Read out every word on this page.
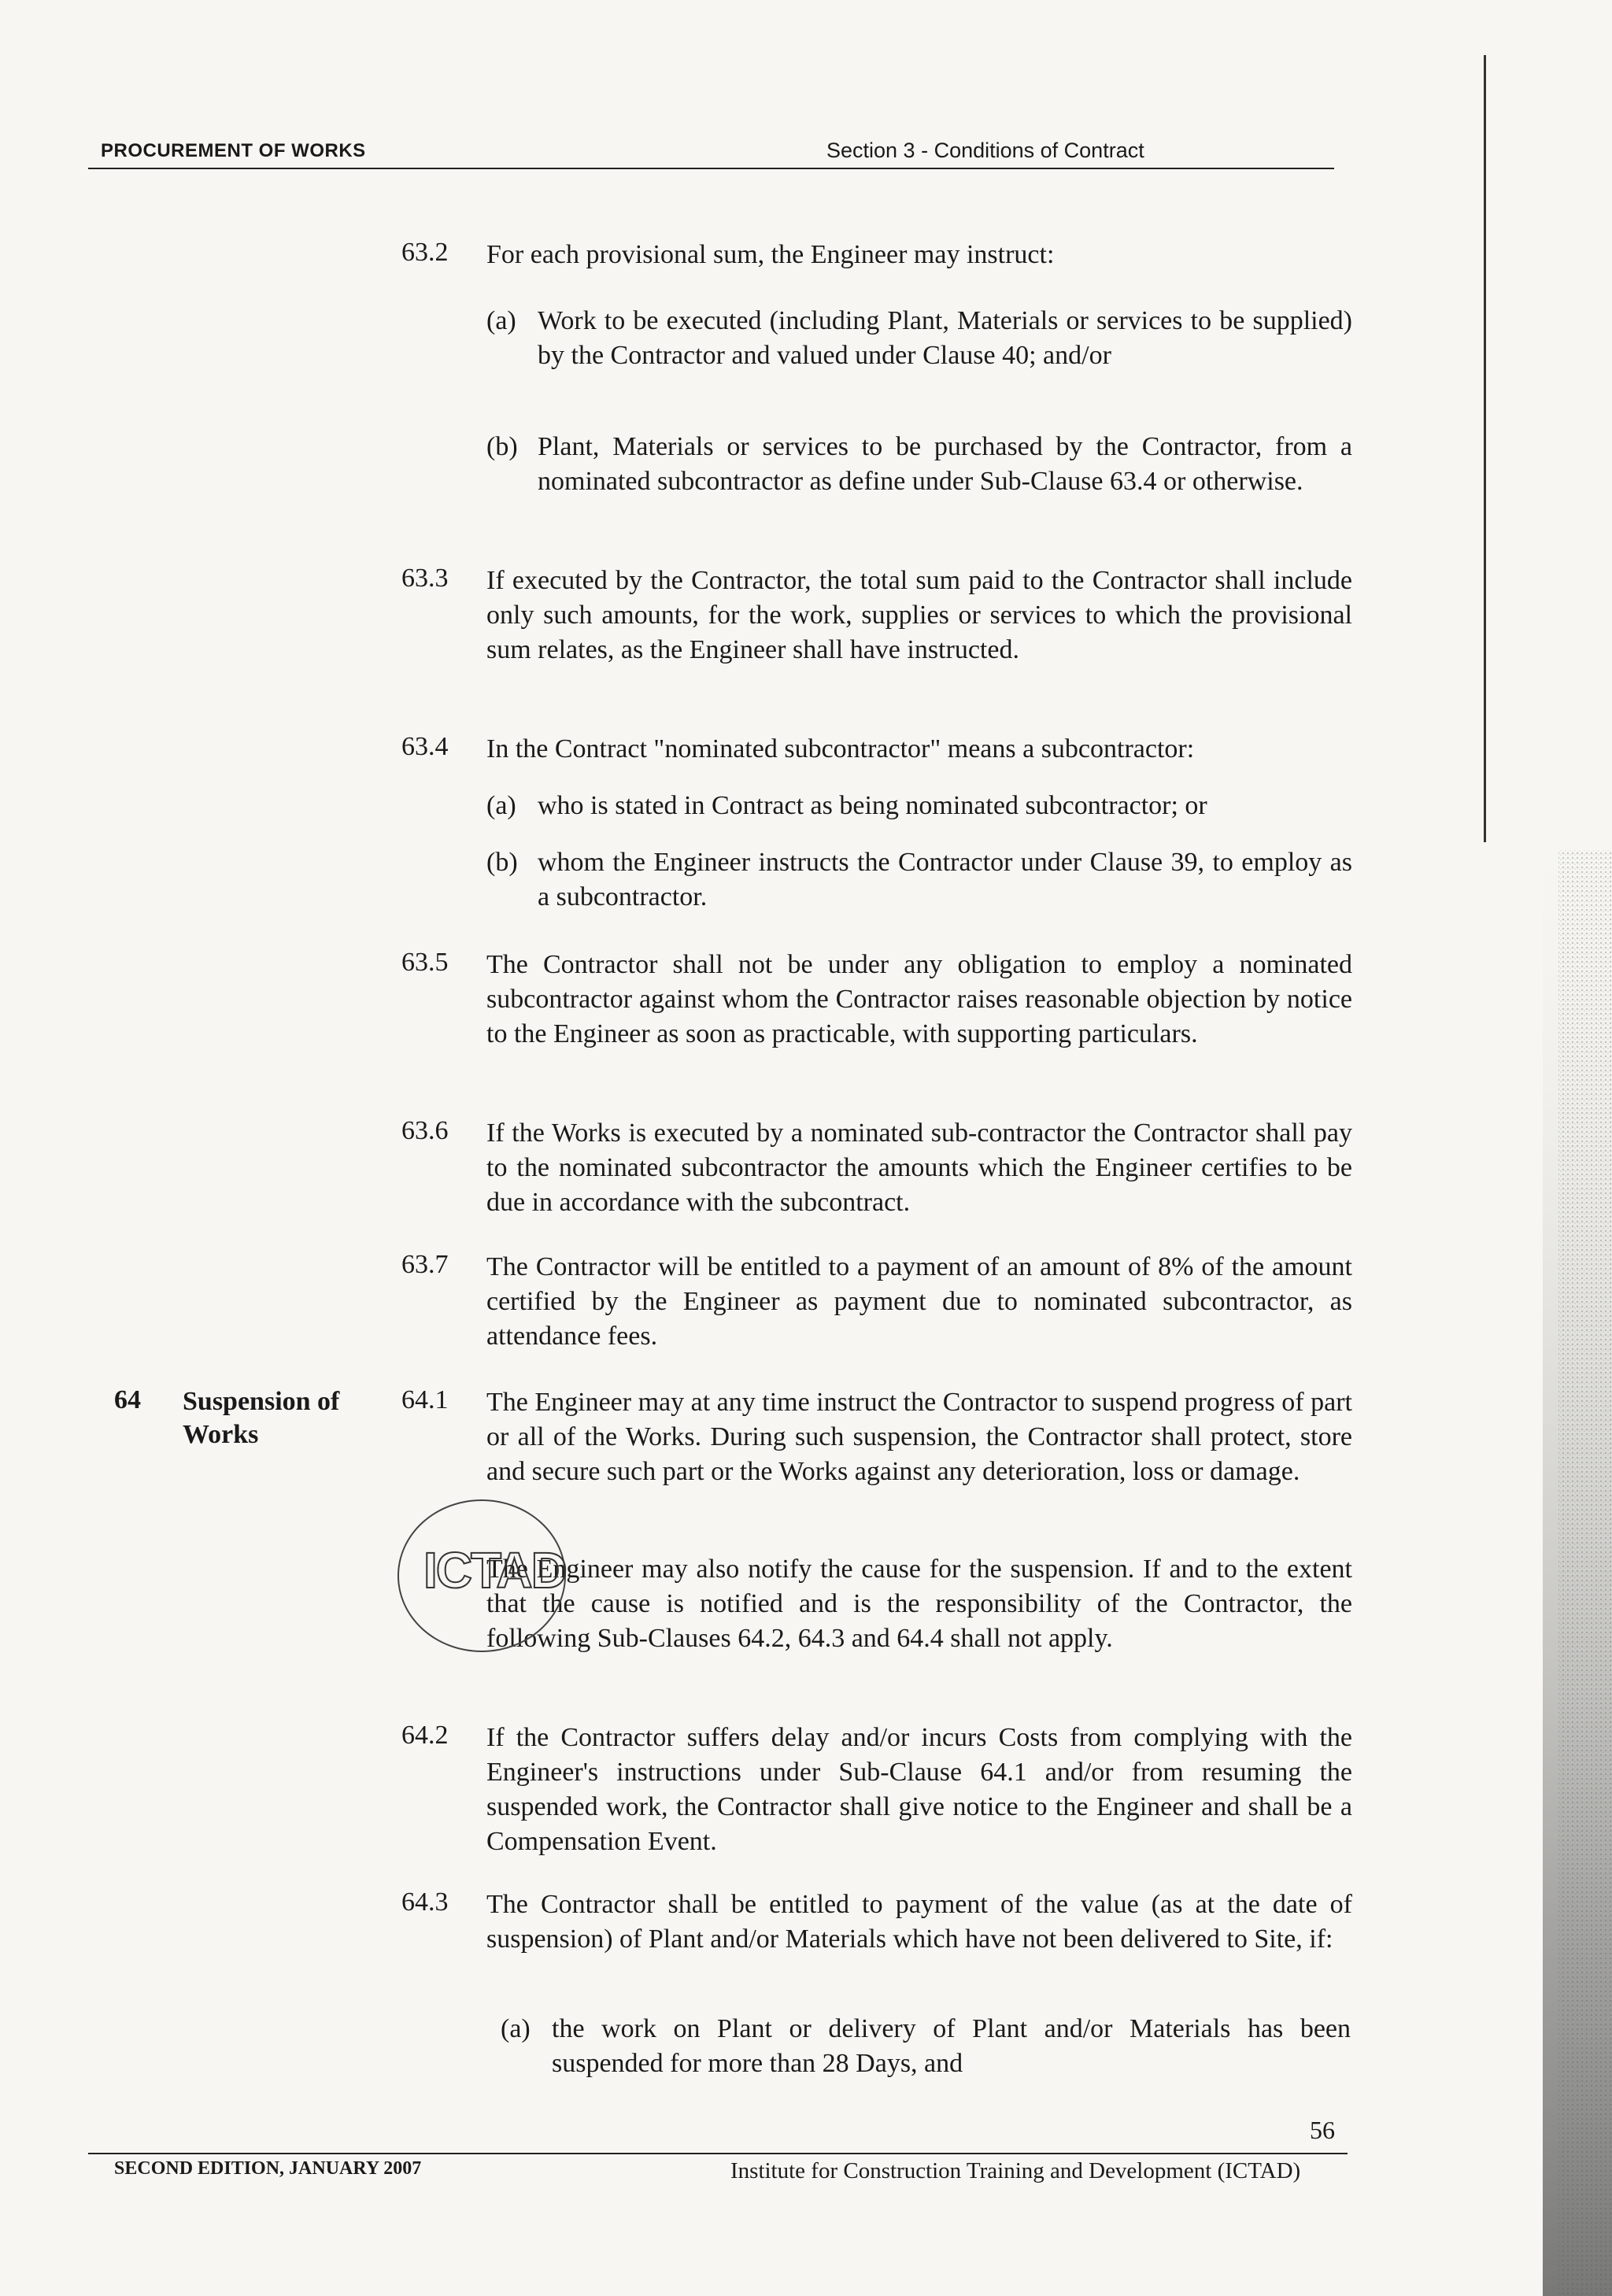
PROCUREMENT OF WORKS	Section 3 - Conditions of Contract
63.2 For each provisional sum, the Engineer may instruct:
(a) Work to be executed (including Plant, Materials or services to be supplied) by the Contractor and valued under Clause 40; and/or
(b) Plant, Materials or services to be purchased by the Contractor, from a nominated subcontractor as define under Sub-Clause 63.4 or otherwise.
63.3 If executed by the Contractor, the total sum paid to the Contractor shall include only such amounts, for the work, supplies or services to which the provisional sum relates, as the Engineer shall have instructed.
63.4 In the Contract "nominated subcontractor" means a subcontractor:
(a) who is stated in Contract as being nominated subcontractor; or
(b) whom the Engineer instructs the Contractor under Clause 39, to employ as a subcontractor.
63.5 The Contractor shall not be under any obligation to employ a nominated subcontractor against whom the Contractor raises reasonable objection by notice to the Engineer as soon as practicable, with supporting particulars.
63.6 If the Works is executed by a nominated sub-contractor the Contractor shall pay to the nominated subcontractor the amounts which the Engineer certifies to be due in accordance with the subcontract.
63.7 The Contractor will be entitled to a payment of an amount of 8% of the amount certified by the Engineer as payment due to nominated subcontractor, as attendance fees.
64 Suspension of Works
64.1 The Engineer may at any time instruct the Contractor to suspend progress of part or all of the Works. During such suspension, the Contractor shall protect, store and secure such part or the Works against any deterioration, loss or damage.
The Engineer may also notify the cause for the suspension. If and to the extent that the cause is notified and is the responsibility of the Contractor, the following Sub-Clauses 64.2, 64.3 and 64.4 shall not apply.
ICTAD
64.2 If the Contractor suffers delay and/or incurs Costs from complying with the Engineer's instructions under Sub-Clause 64.1 and/or from resuming the suspended work, the Contractor shall give notice to the Engineer and shall be a Compensation Event.
64.3 The Contractor shall be entitled to payment of the value (as at the date of suspension) of Plant and/or Materials which have not been delivered to Site, if:
(a) the work on Plant or delivery of Plant and/or Materials has been suspended for more than 28 Days, and
56
SECOND EDITION, JANUARY 2007	Institute for Construction Training and Development (ICTAD)
